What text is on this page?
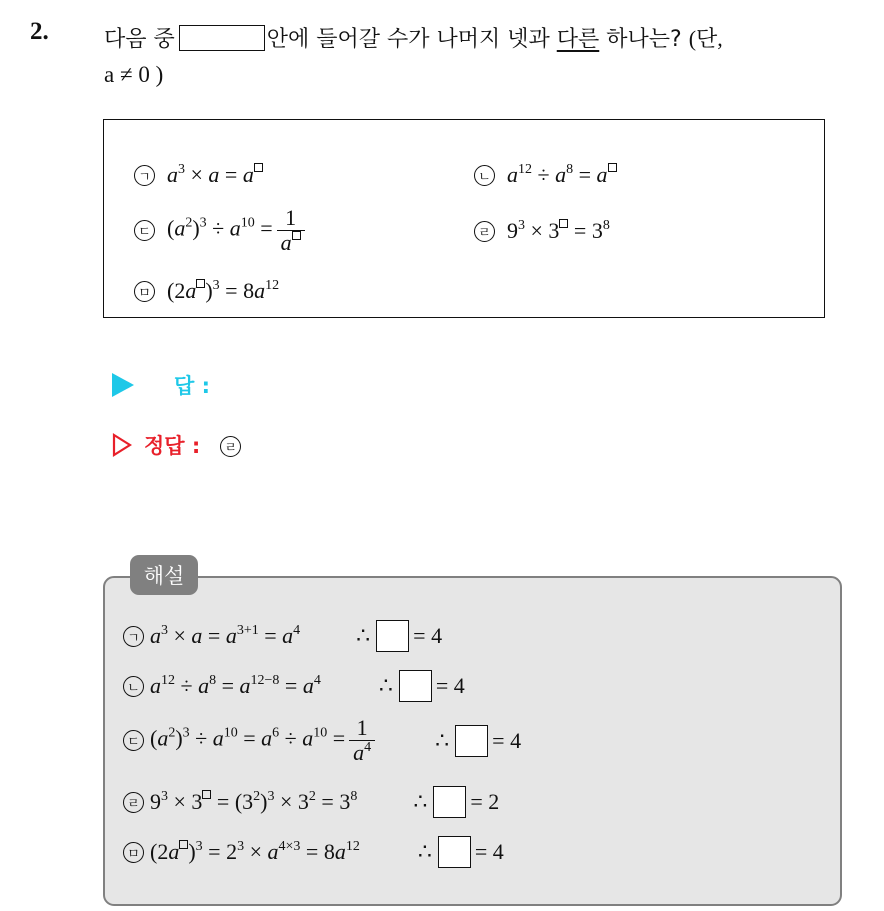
2.	다음 중	안에 들어갈 수가 나머지 넷과 다른 하나는? (단,
a ≠ 0 )
ㄱ $a^3 \times a = a$	ㄴ $a^{12} \div a^8 = a$
ㄷ $(a^2)^3 \div a^{10} = \frac{1}{a}$	ㄹ $9^3 \times 3 = 3^8$
ㅁ (2a )$^3 = 8a^{12}$
답 :
정답 :	ㄹ
ㄱ $a^3 \times a = a^{3+1} = a^4$	∴ = 4
ㄴ $a^{12} \div a^8 = a^{12-8} = a^4$	∴ = 4
ㄷ $(a^2)^3 \div a^{10} = a^6 \div a^{10} = \frac{1}{a^4}$	∴ = 4
ㄹ $9^3 \times 3 = (3^2)^3 \times 3^2 = 3^8$	∴ = 2
ㅁ (2a )$^3 = 2^3 \times a^{4\times 3} = 8a^{12}$	∴ = 4
해설
